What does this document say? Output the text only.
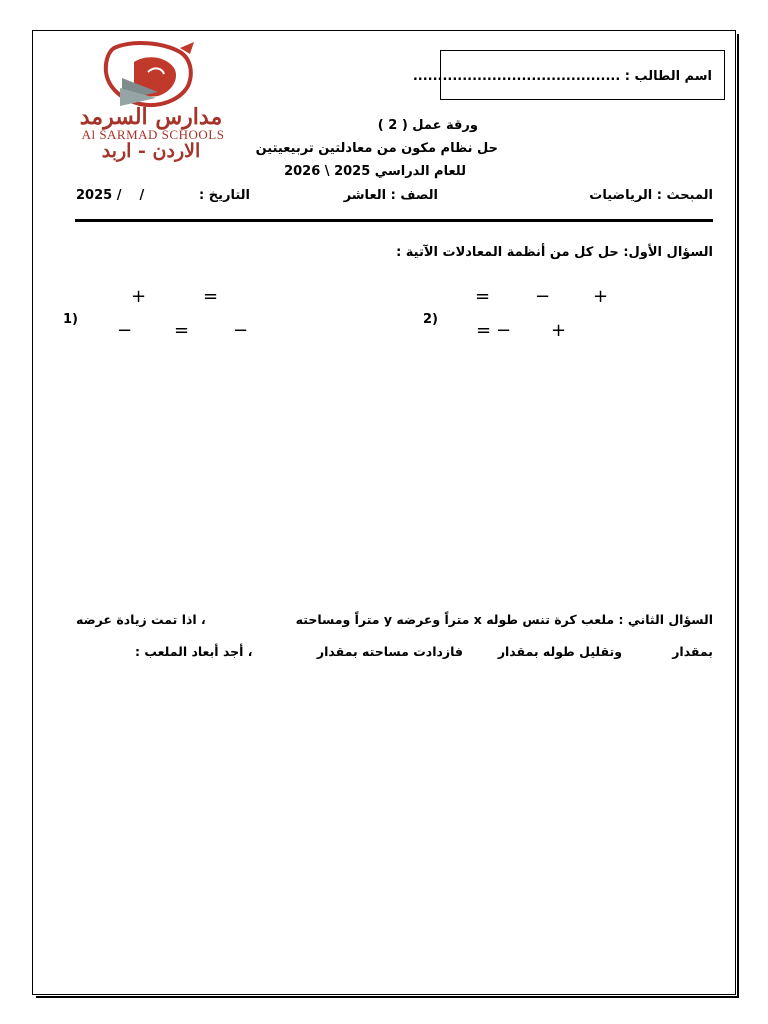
مدارس السرمد
Al SARMAD SCHOOLS
الاردن - اربد
اسم الطالب : ..........................................
ورقة عمل ( 2 )
حل نظام مكون من معادلتين تربيعيتين
للعام الدراسي 2025 \ 2026
المبحث : الرياضيات
الصف : العاشر
التاريخ :
2025 /    /
السؤال الأول: حل كل من أنظمة المعادلات الآتية :
1)
+	=
− = −
2)
= − +
= − +
السؤال الثاني : ملعب كرة تنس طوله x متراً وعرضه y متراً ومساحته
، اذا تمت زيادة عرضه
بمقدار
وتقليل طوله بمقدار
فازدادت مساحته بمقدار
، أجد أبعاد الملعب :
